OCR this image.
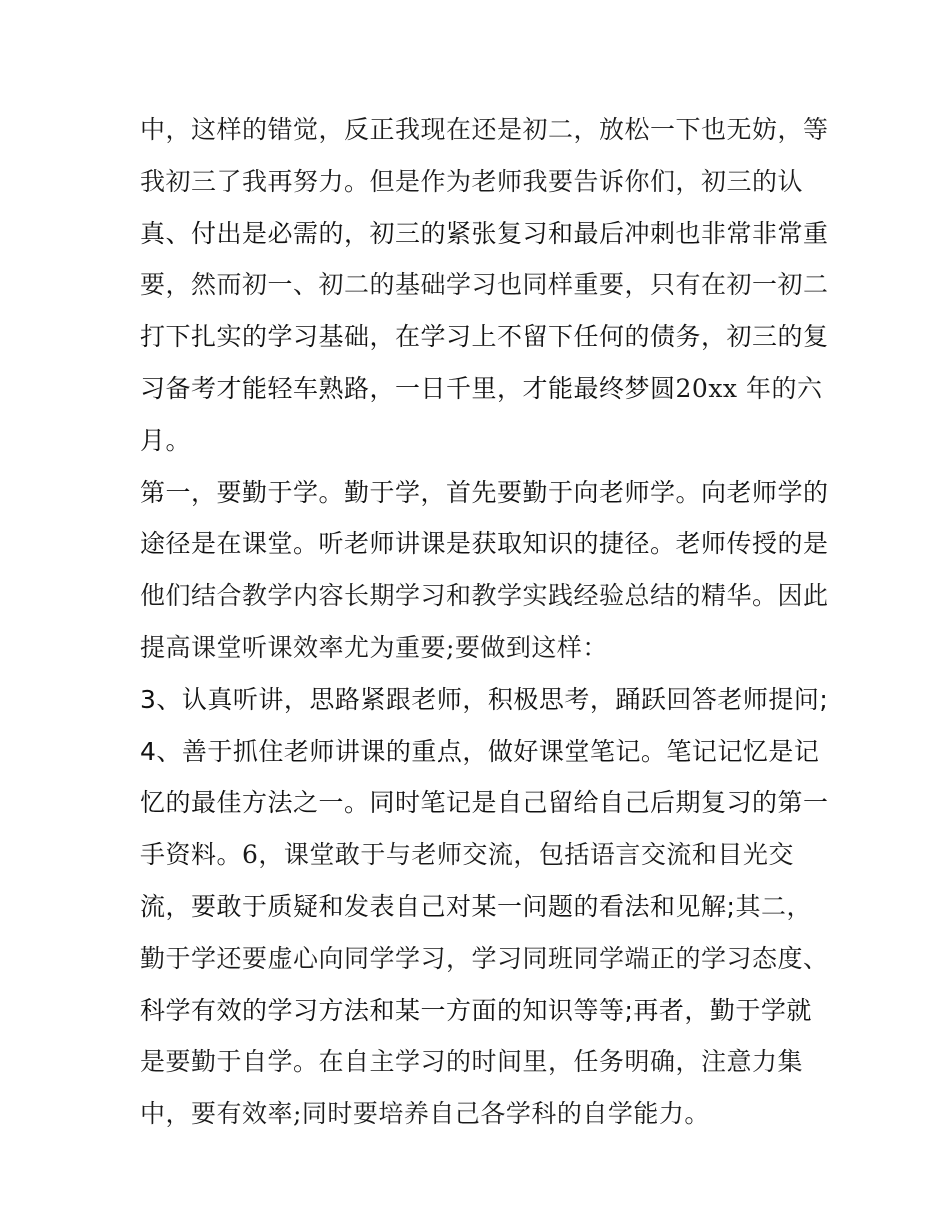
中，这样的错觉，反正我现在还是初二，放松一下也无妨，等
我初三了我再努力。但是作为老师我要告诉你们，初三的认
真、付出是必需的，初三的紧张复习和最后冲刺也非常非常重
要，然而初一、初二的基础学习也同样重要，只有在初一初二
打下扎实的学习基础，在学习上不留下任何的债务，初三的复
习备考才能轻车熟路，一日千里，才能最终梦圆20xx 年的六
月。
第一，要勤于学。勤于学，首先要勤于向老师学。向老师学的
途径是在课堂。听老师讲课是获取知识的捷径。老师传授的是
他们结合教学内容长期学习和教学实践经验总结的精华。因此
提高课堂听课效率尤为重要;要做到这样：
3、认真听讲，思路紧跟老师，积极思考，踊跃回答老师提问;
4、善于抓住老师讲课的重点，做好课堂笔记。笔记记忆是记
忆的最佳方法之一。同时笔记是自己留给自己后期复习的第一
手资料。6，课堂敢于与老师交流，包括语言交流和目光交
流，要敢于质疑和发表自己对某一问题的看法和见解;其二，
勤于学还要虚心向同学学习，学习同班同学端正的学习态度、
科学有效的学习方法和某一方面的知识等等;再者，勤于学就
是要勤于自学。在自主学习的时间里，任务明确，注意力集
中，要有效率;同时要培养自己各学科的自学能力。
